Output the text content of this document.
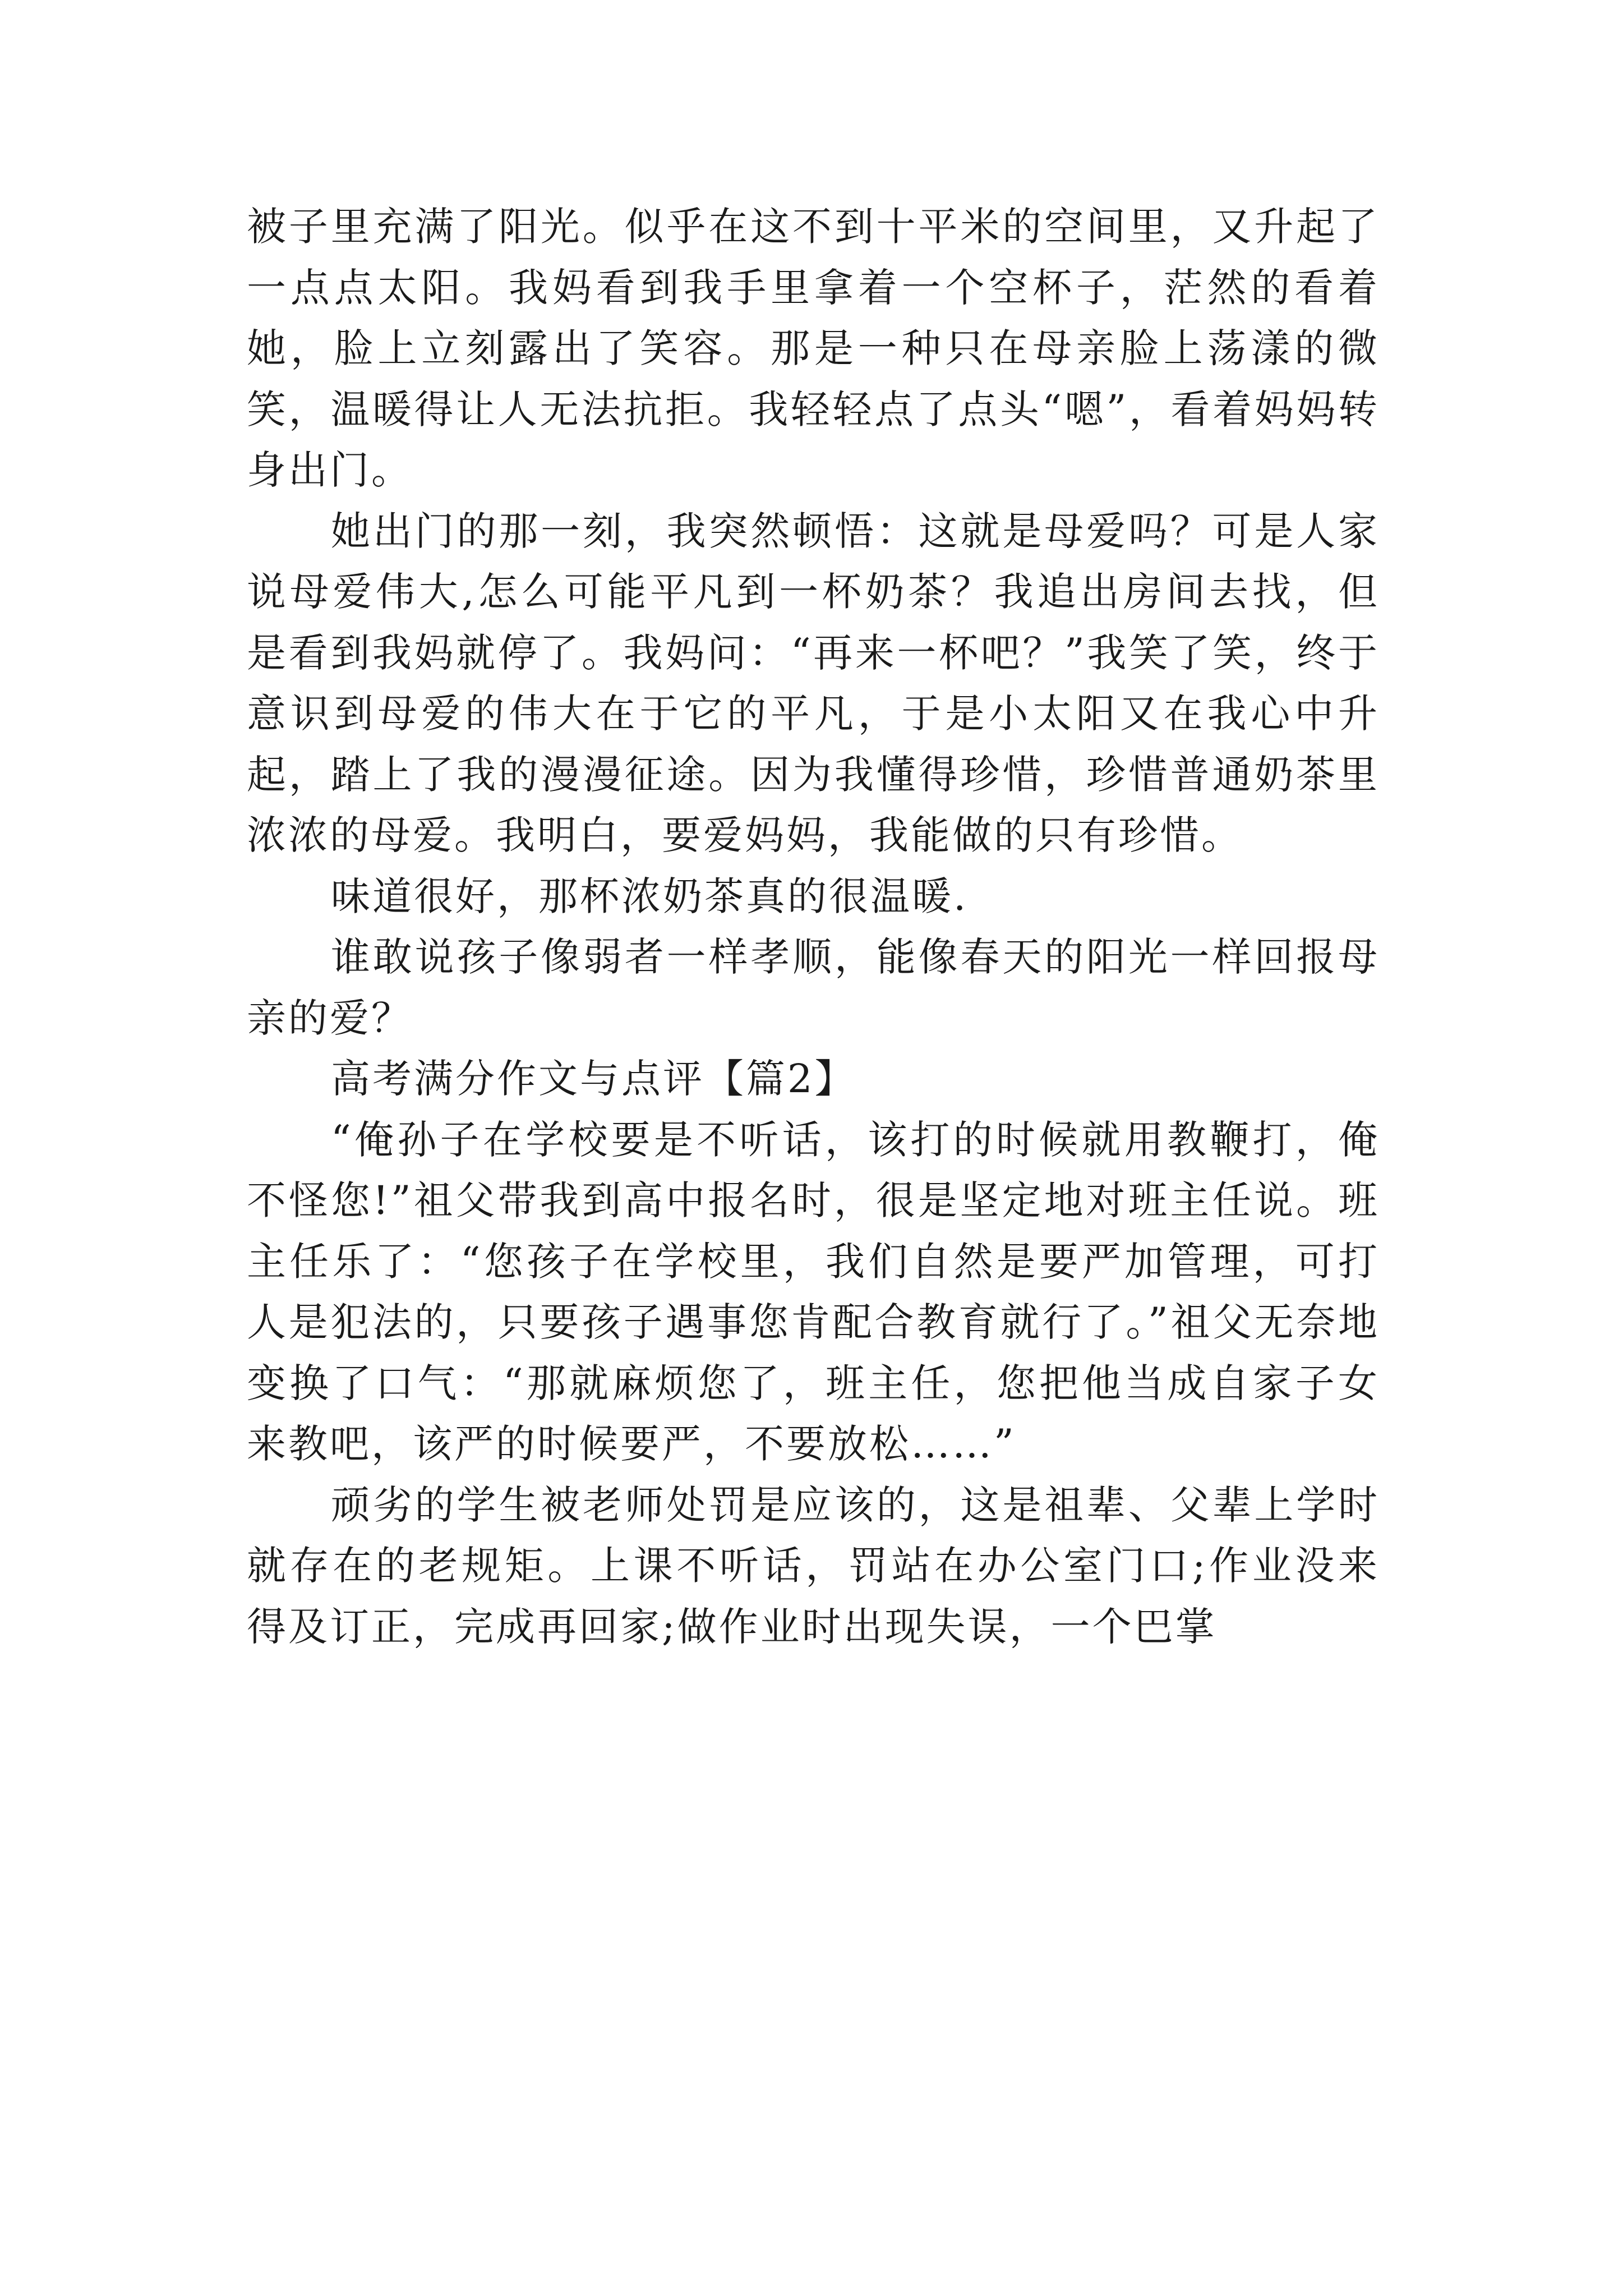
被子里充满了阳光。似乎在这不到十平米的空间里，又升起了一点点太阳。我妈看到我手里拿着一个空杯子，茫然的看着她，脸上立刻露出了笑容。那是一种只在母亲脸上荡漾的微笑，温暖得让人无法抗拒。我轻轻点了点头“嗯”，看着妈妈转身出门。

她出门的那一刻，我突然顿悟：这就是母爱吗？可是人家说母爱伟大,怎么可能平凡到一杯奶茶？我追出房间去找，但是看到我妈就停了。我妈问：“再来一杯吧？”我笑了笑，终于意识到母爱的伟大在于它的平凡，于是小太阳又在我心中升起，踏上了我的漫漫征途。因为我懂得珍惜，珍惜普通奶茶里浓浓的母爱。我明白，要爱妈妈，我能做的只有珍惜。

味道很好，那杯浓奶茶真的很温暖.

谁敢说孩子像弱者一样孝顺，能像春天的阳光一样回报母亲的爱？

高考满分作文与点评【篇2】

“俺孙子在学校要是不听话，该打的时候就用教鞭打，俺不怪您!”祖父带我到高中报名时，很是坚定地对班主任说。班主任乐了：“您孩子在学校里，我们自然是要严加管理，可打人是犯法的，只要孩子遇事您肯配合教育就行了。”祖父无奈地变换了口气：“那就麻烦您了，班主任，您把他当成自家子女来教吧，该严的时候要严，不要放松……”

顽劣的学生被老师处罚是应该的，这是祖辈、父辈上学时就存在的老规矩。上课不听话，罚站在办公室门口;作业没来得及订正，完成再回家;做作业时出现失误，一个巴掌
